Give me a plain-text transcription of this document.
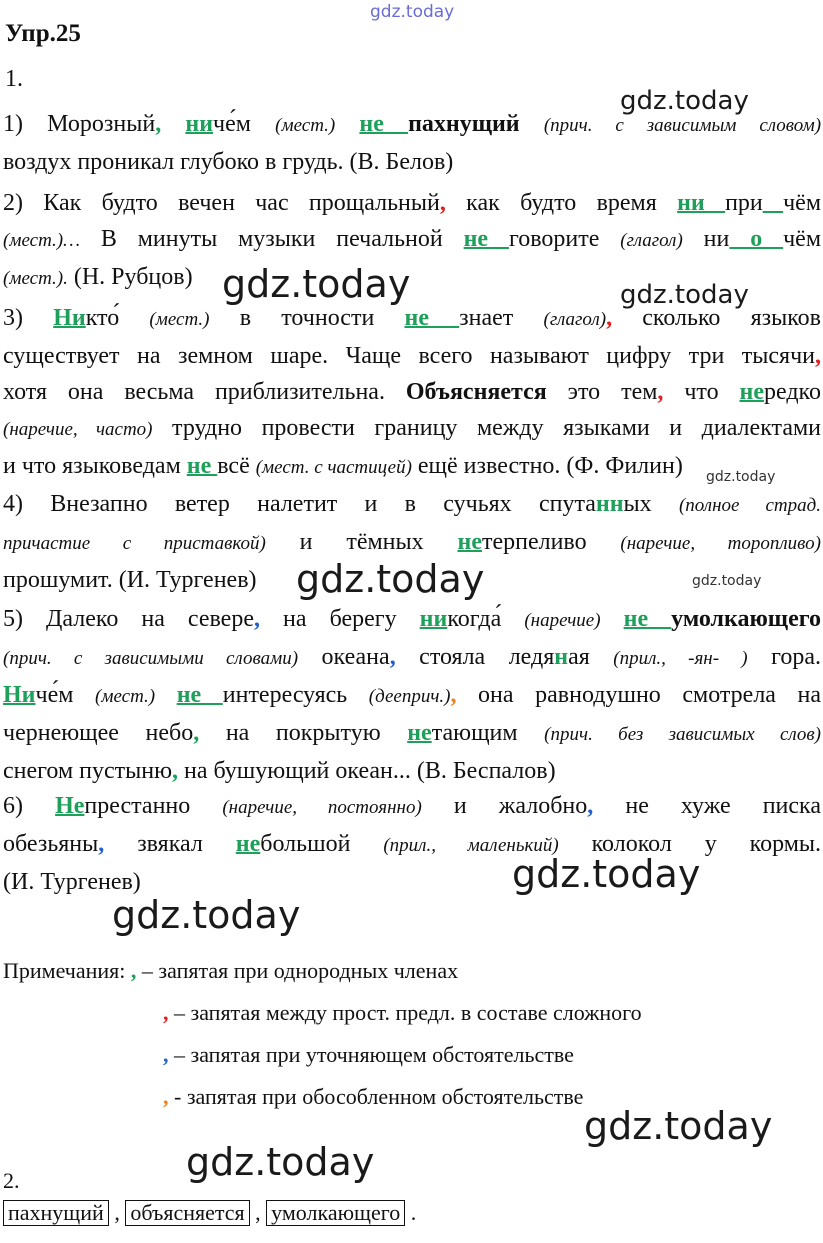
gdz.today
gdz.today
gdz.today	gdz.today
gdz.today
gdz.today	gdz.today
gdz.today
gdz.today
gdz.today
gdz.today
Упр.25
1.
1) Морозный, ниче́м (мест.) не пахнущий (прич. с зависимым словом)
воздух проникал глубоко в грудь. (В. Белов)
2) Как будто вечен час прощальный, как будто время ни при чём
(мест.)… В минуты музыки печальной не говорите (глагол) ни о чём
(мест.). (Н. Рубцов)
3) Никто́ (мест.) в точности не знает (глагол), сколько языков
существует на земном шаре. Чаще всего называют цифру три тысячи,
хотя она весьма приблизительна. Объясняется это тем, что нередко
(наречие, часто) трудно провести границу между языками и диалектами
и что языковедам не всё (мест. с частицей) ещё известно. (Ф. Филин)
4) Внезапно ветер налетит и в сучьях спутанных (полное страд.
причастие с приставкой) и тёмных нетерпеливо (наречие, торопливо)
прошумит. (И. Тургенев)
5) Далеко на севере, на берегу никогда́ (наречие) не умолкающего
(прич. с зависимыми словами) океана, стояла ледяная (прил., -ян- ) гора.
Ниче́м (мест.) не интересуясь (дееприч.), она равнодушно смотрела на
чернеющее небо, на покрытую нетающим (прич. без зависимых слов)
снегом пустыню, на бушующий океан... (В. Беспалов)
6) Непрестанно (наречие, постоянно) и жалобно, не хуже писка
обезьяны, звякал небольшой (прил., маленький) колокол у кормы.
(И. Тургенев)
Примечания: , – запятая при однородных членах
, – запятая между прост. предл. в составе сложного
, – запятая при уточняющем обстоятельстве
, - запятая при обособленном обстоятельстве
2.
пахнущий , объясняется , умолкающего .
